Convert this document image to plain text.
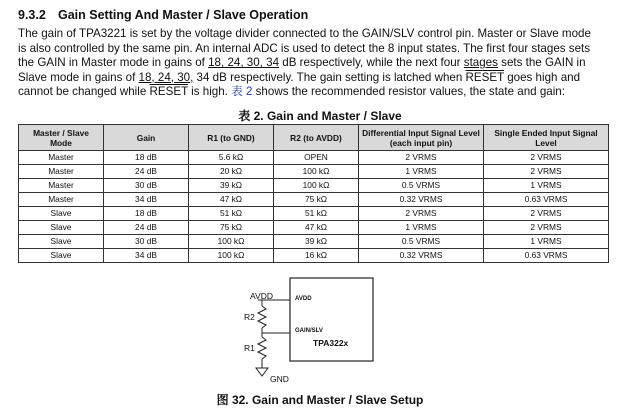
9.3.2 Gain Setting And Master / Slave Operation
The gain of TPA3221 is set by the voltage divider connected to the GAIN/SLV control pin. Master or Slave mode
is also controlled by the same pin. An internal ADC is used to detect the 8 input states. The first four stages sets
the GAIN in Master mode in gains of 18, 24, 30, 34 dB respectively, while the next four stages sets the GAIN in
Slave mode in gains of 18, 24, 30, 34 dB respectively. The gain setting is latched when RESET goes high and
cannot be changed while RESET is high. 表 2 shows the recommended resistor values, the state and gain:
表 2. Gain and Master / Slave
Master / Slave Mode	Gain	R1 (to GND)	R2 (to AVDD)	Differential Input Signal Level (each input pin)	Single Ended Input Signal Level
Master	18 dB	5.6 kΩ	OPEN	2 VRMS	2 VRMS
Master	24 dB	20 kΩ	100 kΩ	1 VRMS	2 VRMS
Master	30 dB	39 kΩ	100 kΩ	0.5 VRMS	1 VRMS
Master	34 dB	47 kΩ	75 kΩ	0.32 VRMS	0.63 VRMS
Slave	18 dB	51 kΩ	51 kΩ	2 VRMS	2 VRMS
Slave	24 dB	75 kΩ	47 kΩ	1 VRMS	2 VRMS
Slave	30 dB	100 kΩ	39 kΩ	0.5 VRMS	1 VRMS
Slave	34 dB	100 kΩ	16 kΩ	0.32 VRMS	0.63 VRMS
AVDD	AVDD
R2
GAIN/SLV
TPA322x
R1
GND
图 32. Gain and Master / Slave Setup
